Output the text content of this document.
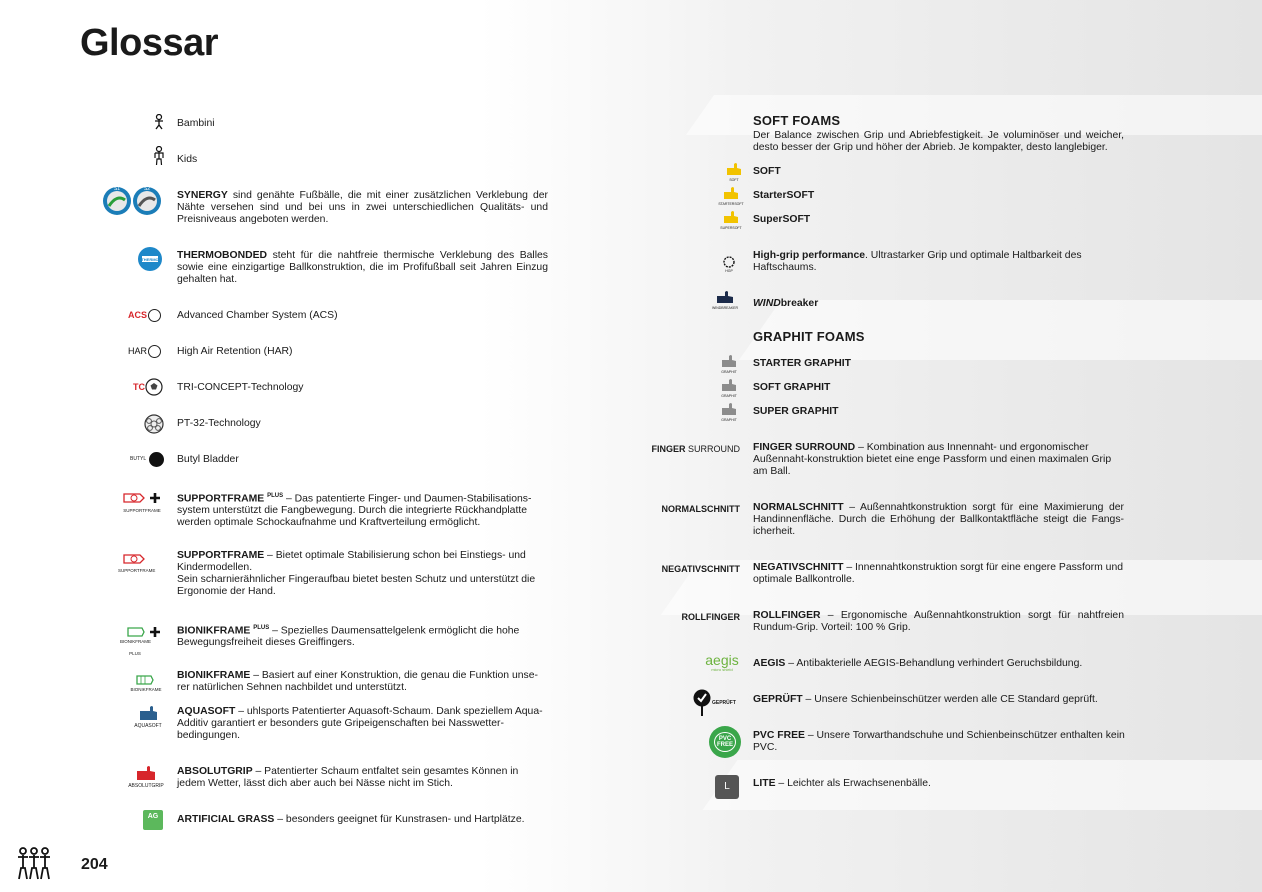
Glossar
Bambini
Kids
S1	S2
SYNERGY sind genähte Fußbälle, die mit einer zusätzlichen Verklebung der Nähte versehen sind und bei uns in zwei unterschiedlichen Qualitäts- und Preisniveaus angeboten werden.
THERMO THERMOBONDED steht für die nahtfreie thermische Verklebung des Balles sowie eine einzigartige Ballkonstruktion, die im Profifußball seit Jahren Einzug gehalten hat.
ACS	Advanced Chamber System (ACS)
HAR	High Air Retention (HAR)
TC	TRI-CONCEPT-Technology
PT-32-Technology
BUTYL	Butyl Bladder
SUPPORTFRAME
SUPPORTFRAME $^{PLUS}$ – Das patentierte Finger- und Daumen-Stabilisations-system unterstützt die Fangbewegung. Durch die integrierte Rückhandplatte werden optimale Schockaufnahme und Kraftverteilung ermöglicht.
SUPPORTFRAME
SUPPORTFRAME – Bietet optimale Stabilisierung schon bei Einstiegs- und Kindermodellen.
Sein scharnierähnlicher Fingeraufbau bietet besten Schutz und unterstützt die Ergonomie der Hand.
BIONIKFRAME PLUS
BIONIKFRAME $^{PLUS}$ – Spezielles Daumensattelgelenk ermöglicht die hohe Bewegungsfreiheit dieses Greiffingers.
BIONIKFRAME
BIONIKFRAME – Basiert auf einer Konstruktion, die genau die Funktion unse-rer natürlichen Sehnen nachbildet und unterstützt.
AQUASOFT
AQUASOFT – uhlsports Patentierter Aquasoft-Schaum. Dank speziellem Aqua-Additiv garantiert er besonders gute Gripeigenschaften bei Nasswetter-bedingungen.
ABSOLUTGRIP
ABSOLUTGRIP – Patentierter Schaum entfaltet sein gesamtes Können in jedem Wetter, lässt dich aber auch bei Nässe nicht im Stich.
AG ARTIFICIAL GRASS – besonders geeignet für Kunstrasen- und Hartplätze.
SOFT FOAMS
Der Balance zwischen Grip und Abriebfestigkeit. Je voluminöser und weicher, desto besser der Grip und höher der Abrieb. Je kompakter, desto langlebiger.
SOFT
SOFT
STARTERSOFT
StarterSOFT
SUPERSOFT
SuperSOFT
HGP
High-grip performance. Ultrastarker Grip und optimale Haltbarkeit des Haftschaums.
WINDBREAKER	WINDbreaker
GRAPHIT FOAMS
GRAPHIT
STARTER GRAPHIT
GRAPHIT
SOFT GRAPHIT
GRAPHIT
SUPER GRAPHIT
FINGER SURROUND FINGER SURROUND – Kombination aus Innennaht- und ergonomischer Außennaht-konstruktion bietet eine enge Passform und einen maximalen Grip am Ball.
NORMALSCHNITT NORMALSCHNITT – Außennahtkonstruktion sorgt für eine Maximierung der Handinnenfläche. Durch die Erhöhung der Ballkontaktfläche steigt die Fangs-icherheit.
NEGATIVSCHNITT NEGATIVSCHNITT – Innennahtkonstruktion sorgt für eine engere Passform und optimale Ballkontrolle.
ROLLFINGER ROLLFINGER – Ergonomische Außennahtkonstruktion sorgt für nahtfreien Rundum-Grip. Vorteil: 100 % Grip.
aegis
micro shield
AEGIS – Antibakterielle AEGIS-Behandlung verhindert Geruchsbildung.
GEPRÜFT GEPRÜFT – Unsere Schienbeinschützer werden alle CE Standard geprüft.
PVC FREE
PVC FREE – Unsere Torwarthandschuhe und Schienbeinschützer enthalten kein PVC.
L LITE – Leichter als Erwachsenenbälle.
204
